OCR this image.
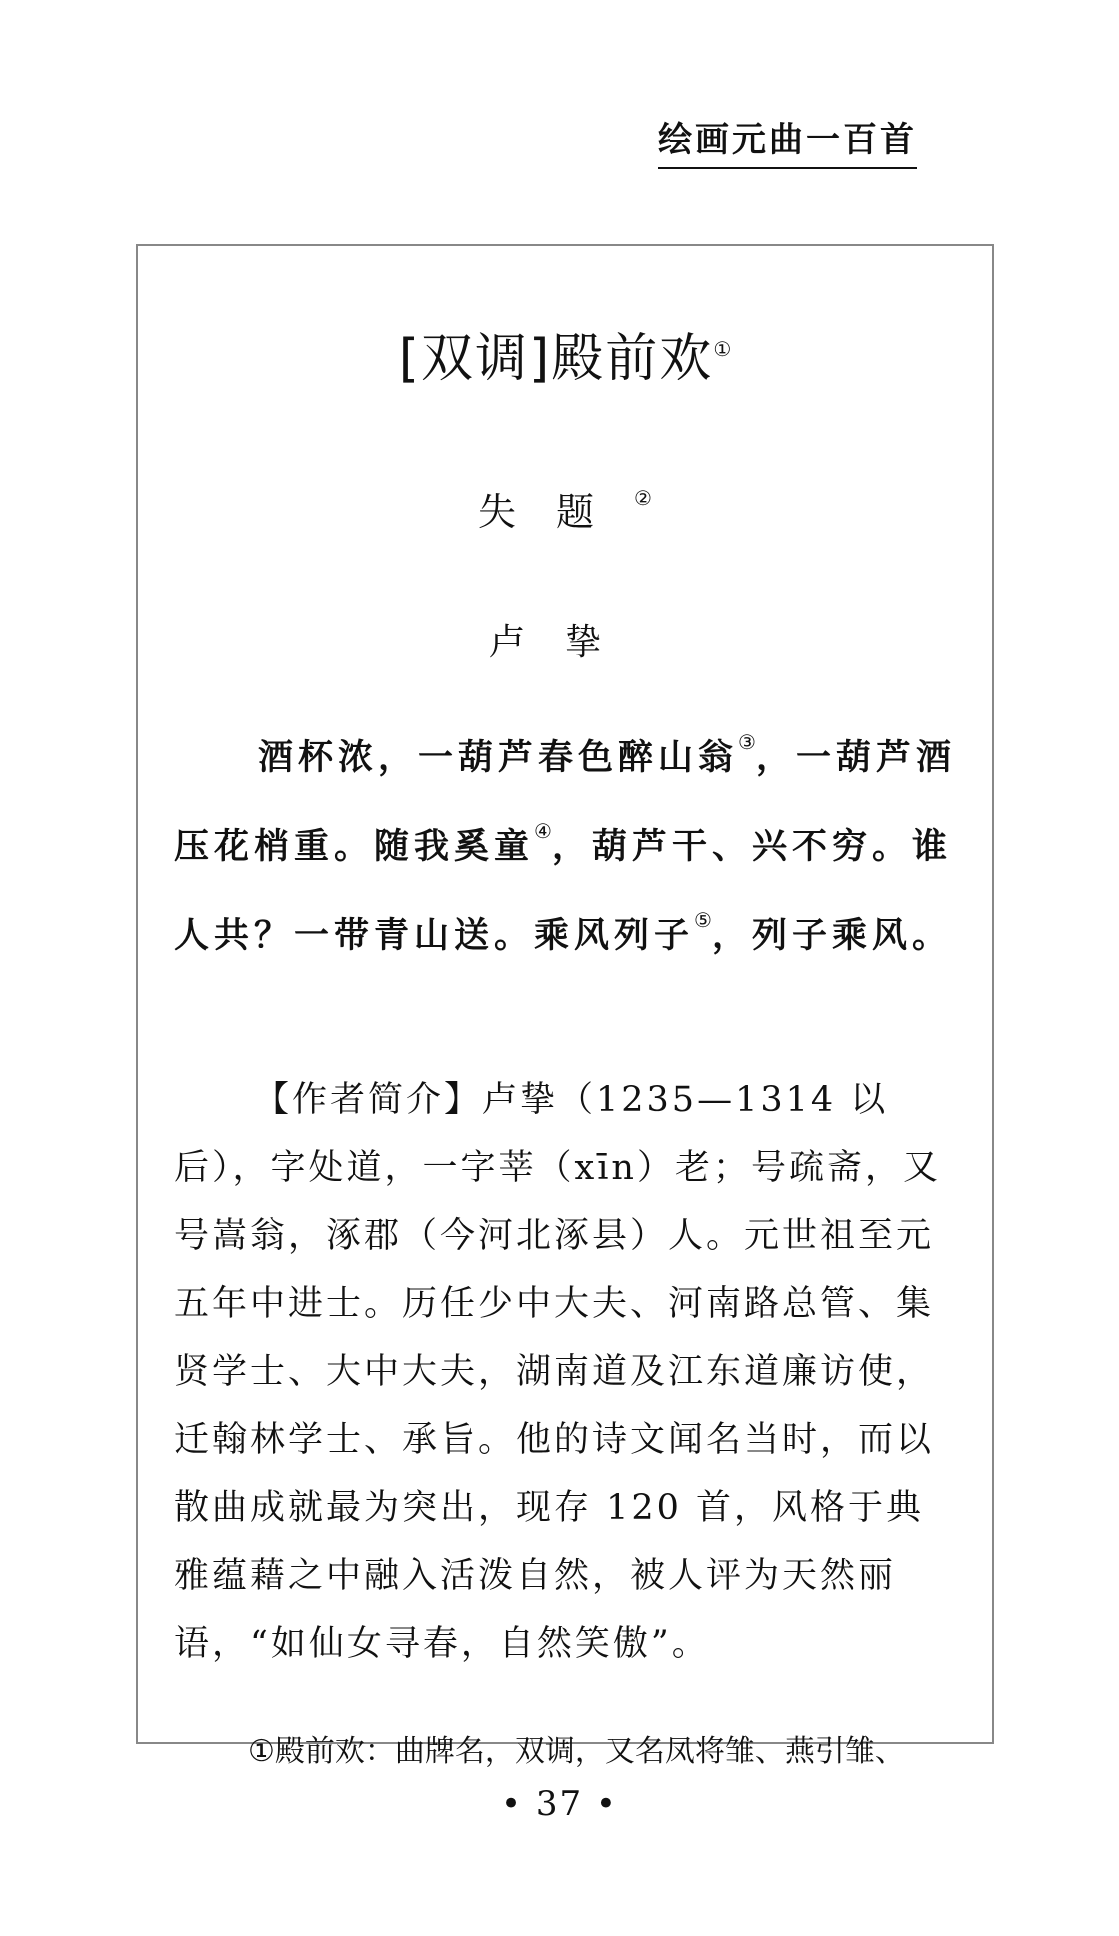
绘画元曲一百首
[双调]殿前欢①
失题②
卢挚

酒杯浓，一葫芦春色醉山翁③，一葫芦酒压花梢重。随我奚童④，葫芦干、兴不穷。谁人共？一带青山送。乘风列子⑤，列子乘风。

【作者简介】卢挚（1235—1314 以后），字处道，一字莘（xīn）老；号疏斋，又号嵩翁，涿郡（今河北涿县）人。元世祖至元五年中进士。历任少中大夫、河南路总管、集贤学士、大中大夫，湖南道及江东道廉访使，迁翰林学士、承旨。他的诗文闻名当时，而以散曲成就最为突出，现存 120 首，风格于典雅蕴藉之中融入活泼自然，被人评为天然丽语，“如仙女寻春，自然笑傲”。

①殿前欢：曲牌名，双调，又名凤将雏、燕引雏、
• 37 •
